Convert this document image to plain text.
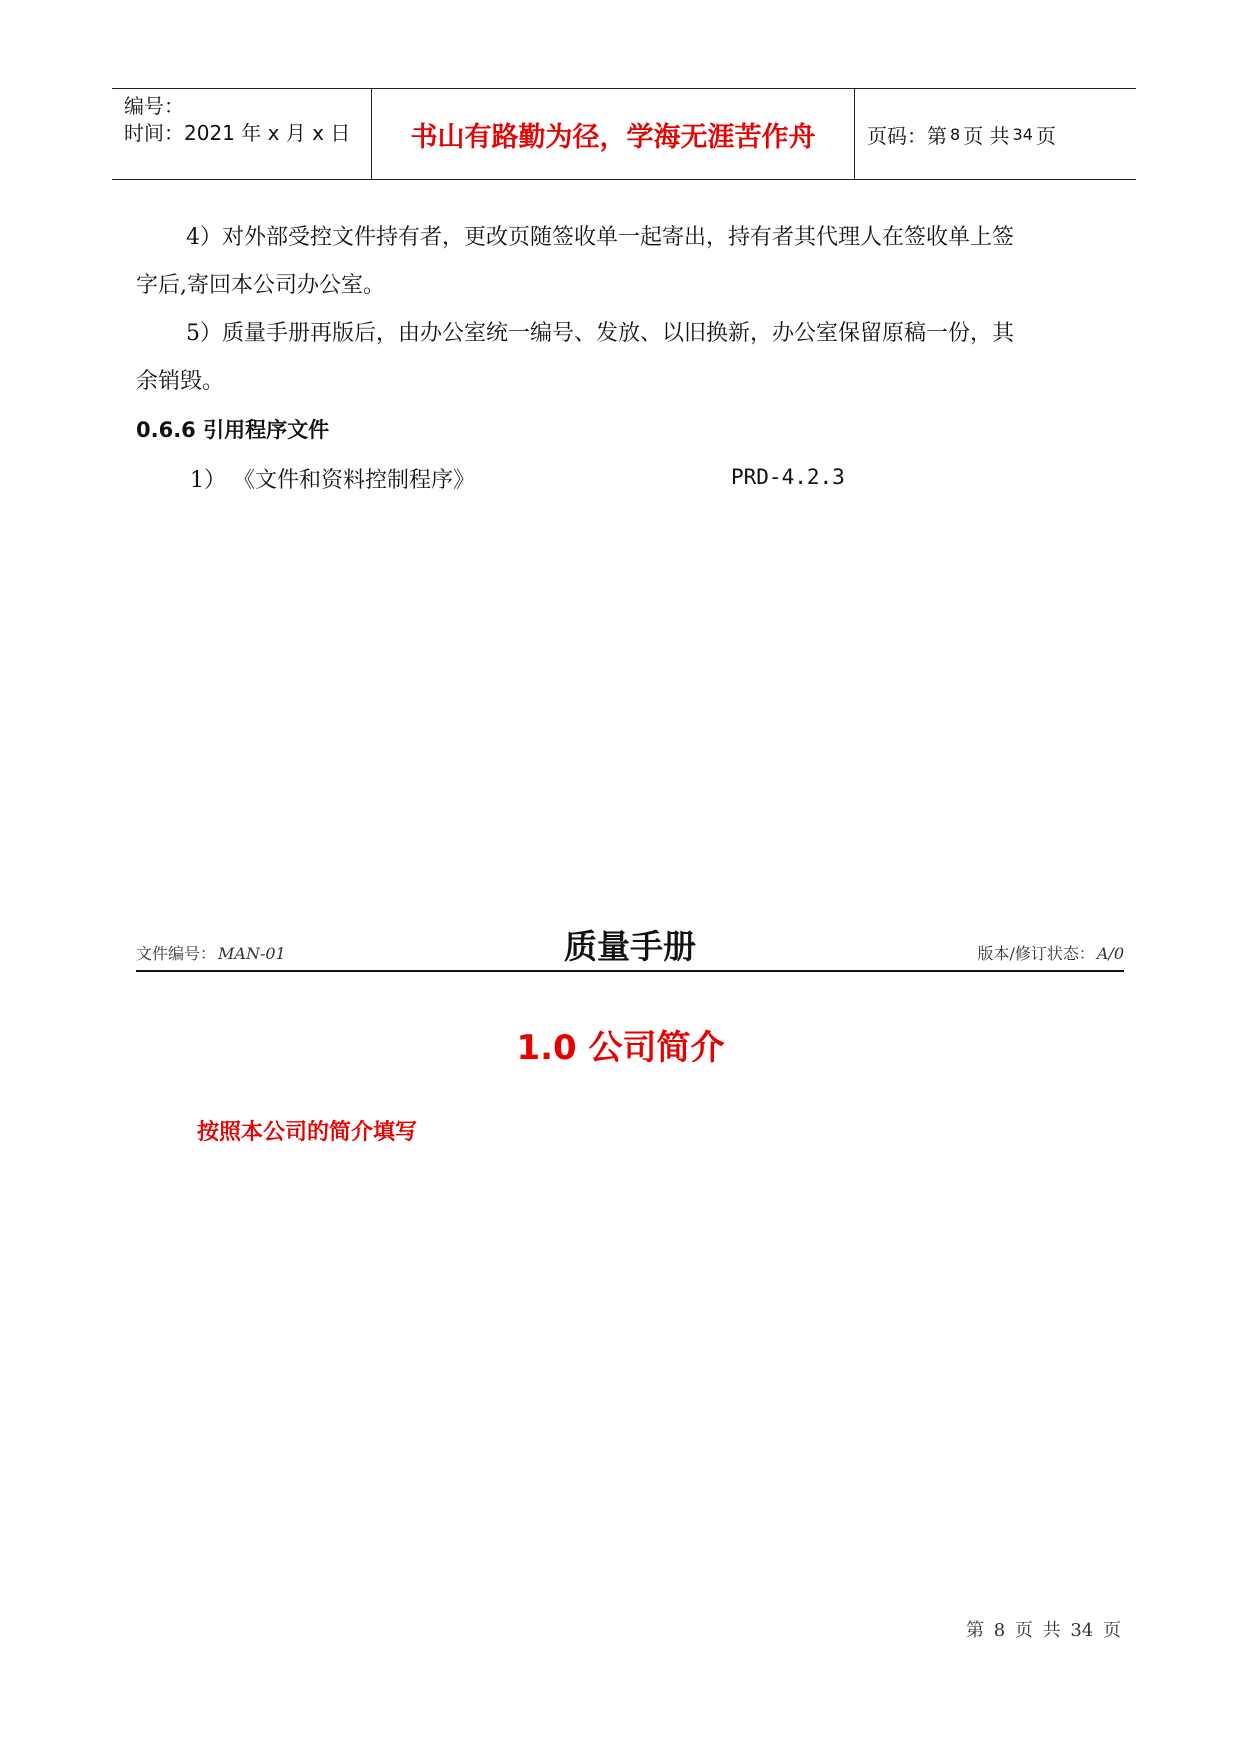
编号：
时间：2021 年 x 月 x 日	书山有路勤为径，学海无涯苦作舟	页码：第 8 页 共 34 页
4）对外部受控文件持有者，更改页随签收单一起寄出，持有者其代理人在签收单上签
字后,寄回本公司办公室。
5）质量手册再版后，由办公室统一编号、发放、以旧换新，办公室保留原稿一份，其
余销毁。
0.6.6 引用程序文件
1） 《文件和资料控制程序》	PRD-4.2.3
文件编号： MAN-01	质量手册	版本/修订状态： A/0
1.0 公司简介
按照本公司的简介填写
第 8 页 共 34 页
